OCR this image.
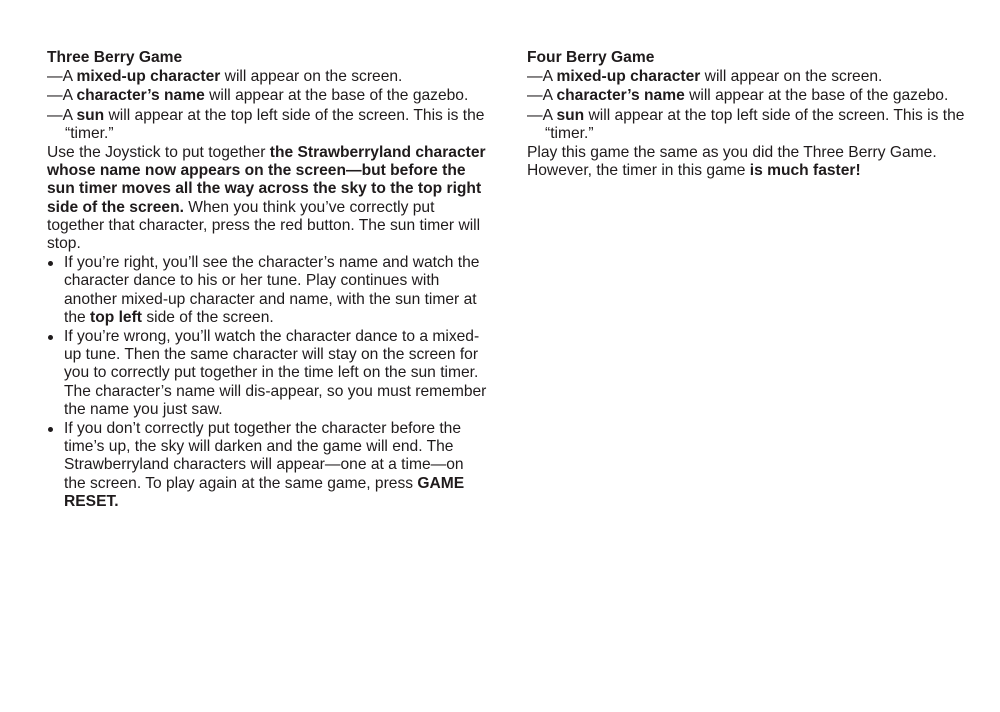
Three Berry Game
—A mixed-up character will appear on the screen.
—A character’s name will appear at the base of the gazebo.
—A sun will appear at the top left side of the screen. This is the “timer.”
Use the Joystick to put together the Strawberryland character whose name now appears on the screen—but before the sun timer moves all the way across the sky to the top right side of the screen. When you think you’ve correctly put together that character, press the red button. The sun timer will stop.
If you’re right, you’ll see the character’s name and watch the character dance to his or her tune. Play continues with another mixed-up character and name, with the sun timer at the top left side of the screen.
If you’re wrong, you’ll watch the character dance to a mixed-up tune. Then the same character will stay on the screen for you to correctly put together in the time left on the sun timer. The character’s name will dis-appear, so you must remember the name you just saw.
If you don’t correctly put together the character before the time’s up, the sky will darken and the game will end. The Strawberryland characters will appear—one at a time—on the screen. To play again at the same game, press GAME RESET.
Four Berry Game
—A mixed-up character will appear on the screen.
—A character’s name will appear at the base of the gazebo.
—A sun will appear at the top left side of the screen. This is the “timer.”
Play this game the same as you did the Three Berry Game. However, the timer in this game is much faster!
